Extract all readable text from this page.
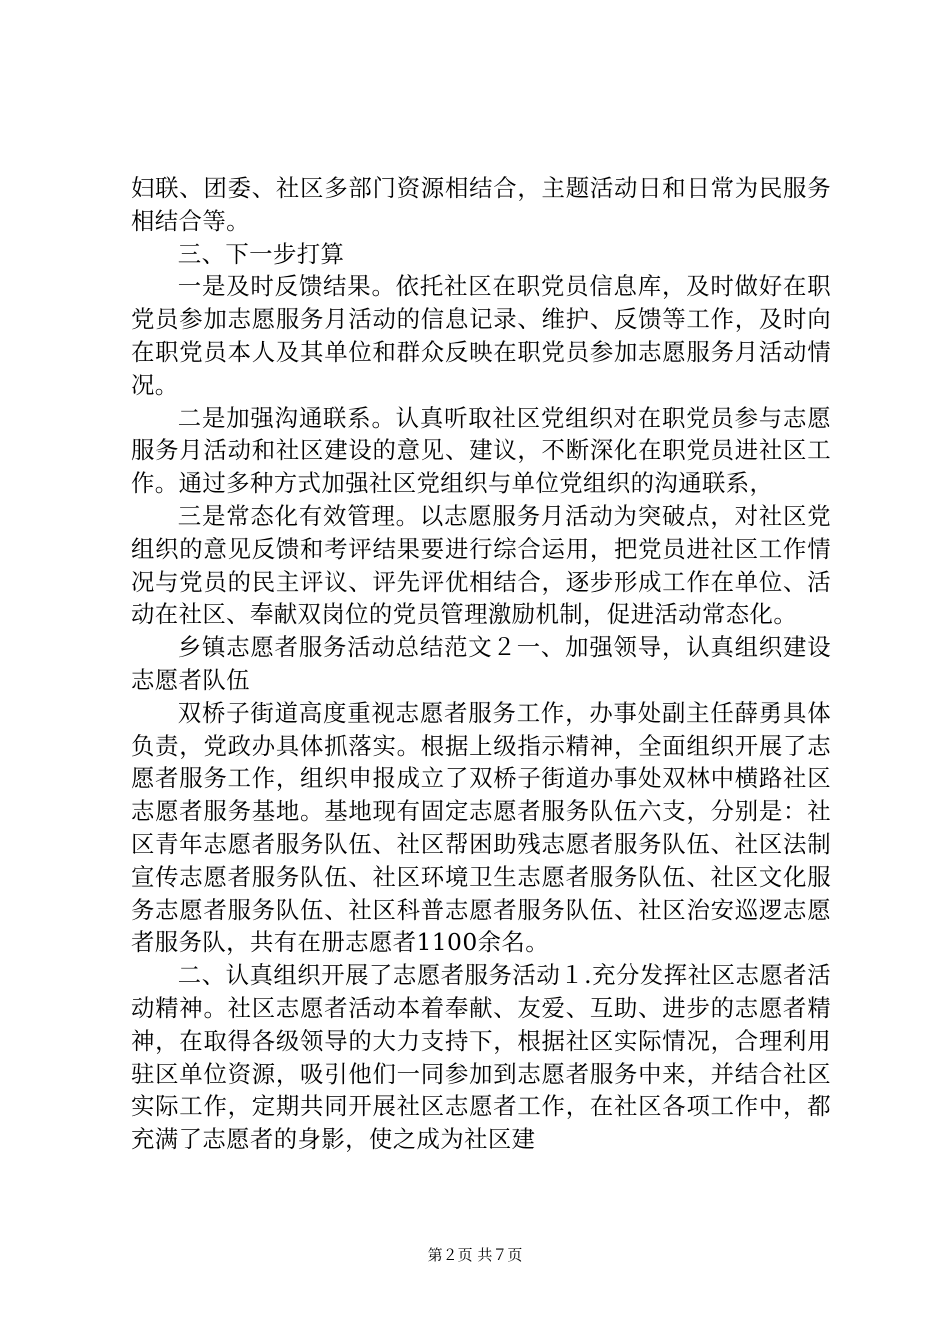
妇联、团委、社区多部门资源相结合，主题活动日和日常为民服务相结合等。

三、下一步打算

一是及时反馈结果。依托社区在职党员信息库，及时做好在职党员参加志愿服务月活动的信息记录、维护、反馈等工作，及时向在职党员本人及其单位和群众反映在职党员参加志愿服务月活动情况。

二是加强沟通联系。认真听取社区党组织对在职党员参与志愿服务月活动和社区建设的意见、建议，不断深化在职党员进社区工作。通过多种方式加强社区党组织与单位党组织的沟通联系，

三是常态化有效管理。以志愿服务月活动为突破点，对社区党组织的意见反馈和考评结果要进行综合运用，把党员进社区工作情况与党员的民主评议、评先评优相结合，逐步形成工作在单位、活动在社区、奉献双岗位的党员管理激励机制，促进活动常态化。

乡镇志愿者服务活动总结范文２一、加强领导，认真组织建设志愿者队伍

双桥子街道高度重视志愿者服务工作，办事处副主任薛勇具体负责，党政办具体抓落实。根据上级指示精神，全面组织开展了志愿者服务工作，组织申报成立了双桥子街道办事处双林中横路社区志愿者服务基地。基地现有固定志愿者服务队伍六支，分别是：社区青年志愿者服务队伍、社区帮困助残志愿者服务队伍、社区法制宣传志愿者服务队伍、社区环境卫生志愿者服务队伍、社区文化服务志愿者服务队伍、社区科普志愿者服务队伍、社区治安巡逻志愿者服务队，共有在册志愿者1100余名。

二、认真组织开展了志愿者服务活动１.充分发挥社区志愿者活动精神。社区志愿者活动本着奉献、友爱、互助、进步的志愿者精神，在取得各级领导的大力支持下，根据社区实际情况，合理利用驻区单位资源，吸引他们一同参加到志愿者服务中来，并结合社区实际工作，定期共同开展社区志愿者工作，在社区各项工作中，都充满了志愿者的身影，使之成为社区建

第２页 共７页
